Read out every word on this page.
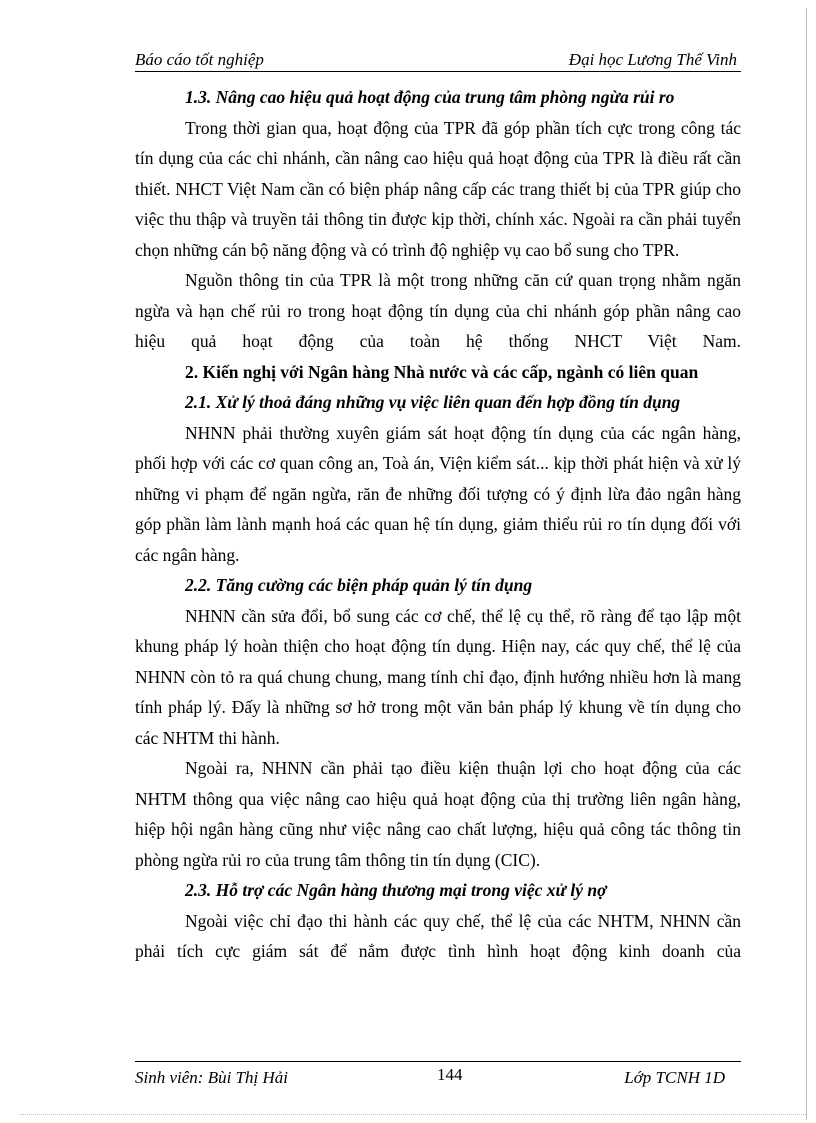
Báo cáo tốt nghiệp	Đại học Lương Thế Vinh
1.3. Nâng cao hiệu quả hoạt động của trung tâm phòng ngừa rủi ro

Trong thời gian qua, hoạt động của TPR đã góp phần tích cực trong công tác tín dụng của các chi nhánh, cần nâng cao hiệu quả hoạt động của TPR là điều rất cần thiết. NHCT Việt Nam cần có biện pháp nâng cấp các trang thiết bị của TPR giúp cho việc thu thập và truyền tải thông tin được kịp thời, chính xác. Ngoài ra cần phải tuyển chọn những cán bộ năng động và có trình độ nghiệp vụ cao bổ sung cho TPR.

Nguồn thông tin của TPR là một trong những căn cứ quan trọng nhằm ngăn ngừa và hạn chế rủi ro trong hoạt động tín dụng của chi nhánh góp phần nâng cao hiệu quả hoạt động của toàn hệ thống NHCT Việt Nam.

2. Kiến nghị với Ngân hàng Nhà nước và các cấp, ngành có liên quan
2.1. Xử lý thoả đáng những vụ việc liên quan đến hợp đồng tín dụng

NHNN phải thường xuyên giám sát hoạt động tín dụng của các ngân hàng, phối hợp với các cơ quan công an, Toà án, Viện kiểm sát... kịp thời phát hiện và xử lý những vi phạm để ngăn ngừa, răn đe những đối tượng có ý định lừa đảo ngân hàng góp phần làm lành mạnh hoá các quan hệ tín dụng, giảm thiểu rủi ro tín dụng đối với các ngân hàng.

2.2. Tăng cường các biện pháp quản lý tín dụng

NHNN cần sửa đổi, bổ sung các cơ chế, thể lệ cụ thể, rõ ràng để tạo lập một khung pháp lý hoàn thiện cho hoạt động tín dụng. Hiện nay, các quy chế, thể lệ của NHNN còn tỏ ra quá chung chung, mang tính chỉ đạo, định hướng nhiều hơn là mang tính pháp lý. Đấy là những sơ hở trong một văn bản pháp lý khung về tín dụng cho các NHTM thi hành.

Ngoài ra, NHNN cần phải tạo điều kiện thuận lợi cho hoạt động của các NHTM thông qua việc nâng cao hiệu quả hoạt động của thị trường liên ngân hàng, hiệp hội ngân hàng cũng như việc nâng cao chất lượng, hiệu quả công tác thông tin phòng ngừa rủi ro của trung tâm thông tin tín dụng (CIC).

2.3. Hỗ trợ các Ngân hàng thương mại trong việc xử lý nợ

Ngoài việc chỉ đạo thi hành các quy chế, thể lệ của các NHTM, NHNN cần phải tích cực giám sát để nắm được tình hình hoạt động kinh doanh của

Sinh viên: Bùi Thị Hải	144	Lớp TCNH 1D
